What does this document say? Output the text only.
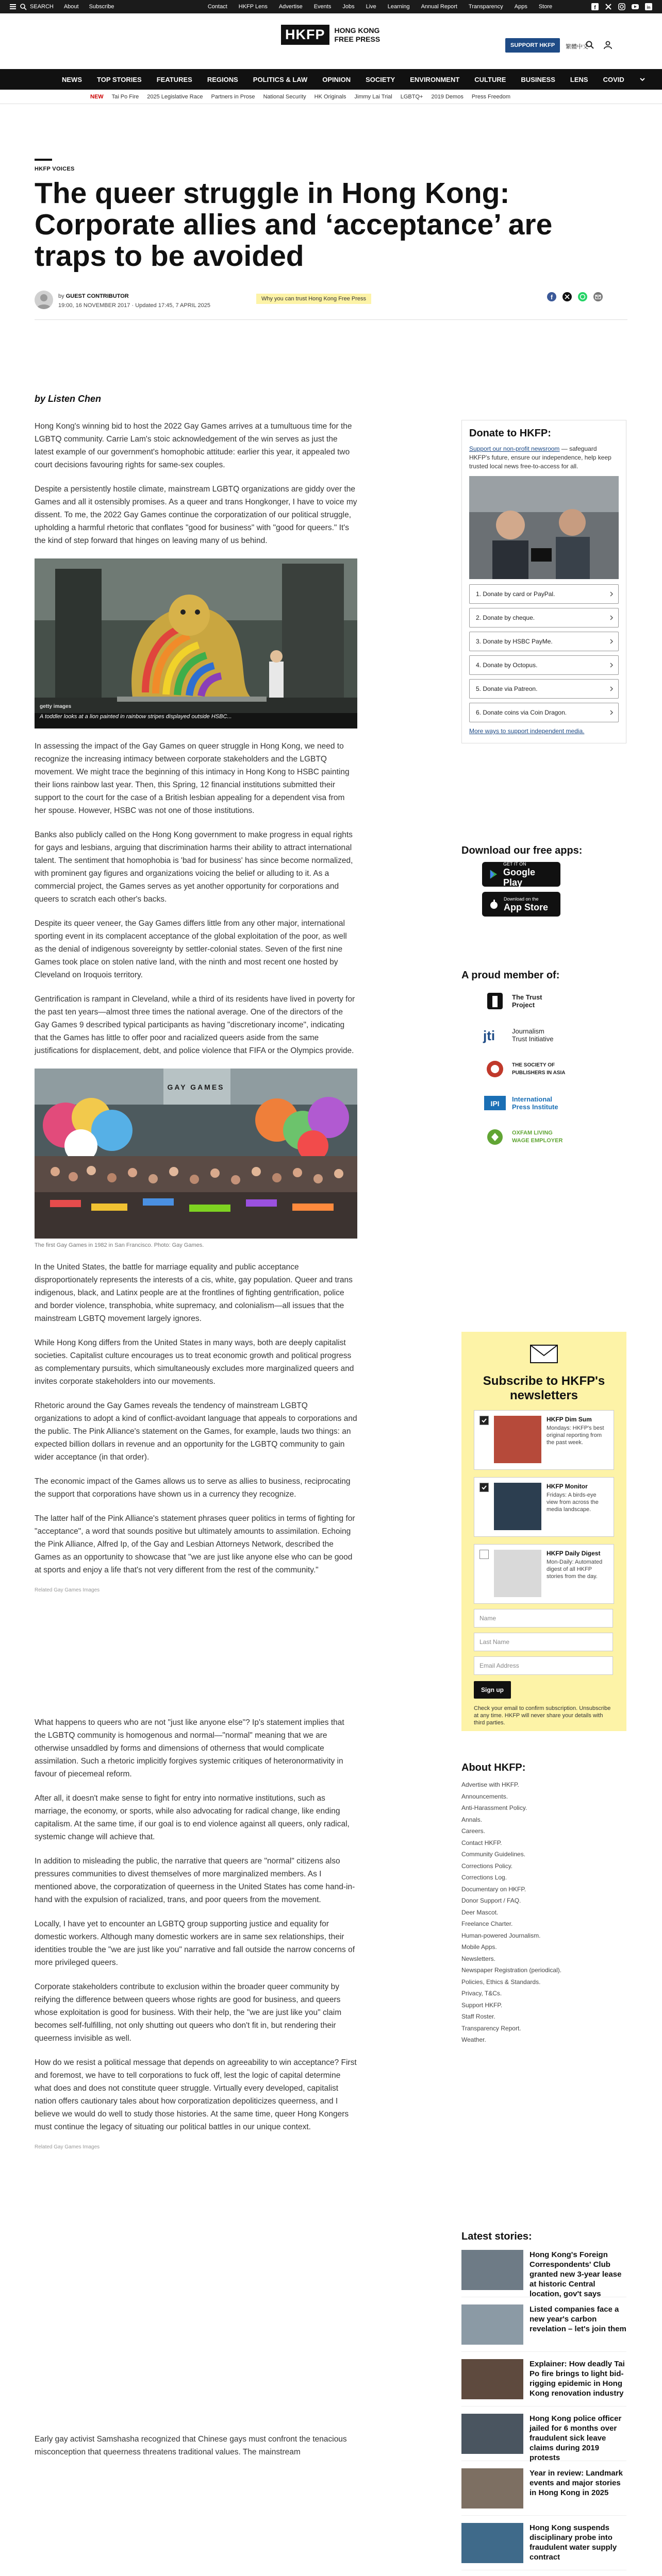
SEARCH About Subscribe	Contact HKFP Lens Advertise Events Jobs Live Learning Annual Report Transparency Apps Store	f	in
HKFP	HONG KONG
FREE PRESS
SUPPORT HKFP	繁體中文
NEWS TOP STORIES FEATURES REGIONS POLITICS & LAW OPINION SOCIETY ENVIRONMENT CULTURE BUSINESS LENS COVID
NEW Tai Po Fire 2025 Legislative Race Partners in Prose National Security HK Originals Jimmy Lai Trial LGBTQ+ 2019 Demos Press Freedom
HKFP VOICES
The queer struggle in Hong Kong: Corporate allies and ‘acceptance’ are traps to be avoided
by GUEST CONTRIBUTOR
19:00, 16 NOVEMBER 2017 · Updated 17:45, 7 APRIL 2025
Why you can trust Hong Kong Free Press	f
by Listen Chen

Hong Kong's winning bid to host the 2022 Gay Games arrives at a tumultuous time for the LGBTQ community. Carrie Lam's stoic acknowledgement of the win serves as just the latest example of our government's homophobic attitude: earlier this year, it appealed two court decisions favouring rights for same-sex couples.

Despite a persistently hostile climate, mainstream LGBTQ organizations are giddy over the Games and all it ostensibly promises. As a queer and trans Hongkonger, I have to voice my dissent. To me, the 2022 Gay Games continue the corporatization of our political struggle, upholding a harmful rhetoric that conflates "good for business" with "good for queers." It's the kind of step forward that hinges on leaving many of us behind.

A toddler looks at a lion painted in rainbow stripes displayed outside HSBC...
getty images

In assessing the impact of the Gay Games on queer struggle in Hong Kong, we need to recognize the increasing intimacy between corporate stakeholders and the LGBTQ movement. We might trace the beginning of this intimacy in Hong Kong to HSBC painting their lions rainbow last year. Then, this Spring, 12 financial institutions submitted their support to the court for the case of a British lesbian appealing for a dependent visa from her spouse. However, HSBC was not one of those institutions.

Banks also publicly called on the Hong Kong government to make progress in equal rights for gays and lesbians, arguing that discrimination harms their ability to attract international talent. The sentiment that homophobia is 'bad for business' has since become normalized, with prominent gay figures and organizations voicing the belief or alluding to it. As a commercial project, the Games serves as yet another opportunity for corporations and queers to scratch each other's backs.

Despite its queer veneer, the Gay Games differs little from any other major, international sporting event in its complacent acceptance of the global exploitation of the poor, as well as the denial of indigenous sovereignty by settler-colonial states. Seven of the first nine Games took place on stolen native land, with the ninth and most recent one hosted by Cleveland on Iroquois territory.

Gentrification is rampant in Cleveland, while a third of its residents have lived in poverty for the past ten years—almost three times the national average. One of the directors of the Gay Games 9 described typical participants as having "discretionary income", indicating that the Games has little to offer poor and racialized queers aside from the same justifications for displacement, debt, and police violence that FIFA or the Olympics provide.

GAY GAMES
The first Gay Games in 1982 in San Francisco. Photo: Gay Games.

In the United States, the battle for marriage equality and public acceptance disproportionately represents the interests of a cis, white, gay population. Queer and trans indigenous, black, and Latinx people are at the frontlines of fighting gentrification, police and border violence, transphobia, white supremacy, and colonialism—all issues that the mainstream LGBTQ movement largely ignores.

While Hong Kong differs from the United States in many ways, both are deeply capitalist societies. Capitalist culture encourages us to treat economic growth and political progress as complementary pursuits, which simultaneously excludes more marginalized queers and invites corporate stakeholders into our movements.

Rhetoric around the Gay Games reveals the tendency of mainstream LGBTQ organizations to adopt a kind of conflict-avoidant language that appeals to corporations and the public. The Pink Alliance's statement on the Games, for example, lauds two things: an expected billion dollars in revenue and an opportunity for the LGBTQ community to gain wider acceptance (in that order).

The economic impact of the Games allows us to serve as allies to business, reciprocating the support that corporations have shown us in a currency they recognize.

The latter half of the Pink Alliance's statement phrases queer politics in terms of fighting for "acceptance", a word that sounds positive but ultimately amounts to assimilation. Echoing the Pink Alliance, Alfred Ip, of the Gay and Lesbian Attorneys Network, described the Games as an opportunity to showcase that "we are just like anyone else who can be good at sports and enjoy a life that's not very different from the rest of the community."

Related Gay Games Images

What happens to queers who are not "just like anyone else"? Ip's statement implies that the LGBTQ community is homogenous and normal—"normal" meaning that we are otherwise unsaddled by forms and dimensions of otherness that would complicate assimilation. Such a rhetoric implicitly forgives systemic critiques of heteronormativity in favour of piecemeal reform.

After all, it doesn't make sense to fight for entry into normative institutions, such as marriage, the economy, or sports, while also advocating for radical change, like ending capitalism. At the same time, if our goal is to end violence against all queers, only radical, systemic change will achieve that.

In addition to misleading the public, the narrative that queers are "normal" citizens also pressures communities to divest themselves of more marginalized members. As I mentioned above, the corporatization of queerness in the United States has come hand-in-hand with the expulsion of racialized, trans, and poor queers from the movement.

Locally, I have yet to encounter an LGBTQ group supporting justice and equality for domestic workers. Although many domestic workers are in same sex relationships, their identities trouble the "we are just like you" narrative and fall outside the narrow concerns of more privileged queers.

Corporate stakeholders contribute to exclusion within the broader queer community by reifying the difference between queers whose rights are good for business, and queers whose exploitation is good for business. With their help, the "we are just like you" claim becomes self-fulfilling, not only shutting out queers who don't fit in, but rendering their queerness invisible as well.

How do we resist a political message that depends on agreeability to win acceptance? First and foremost, we have to tell corporations to fuck off, lest the logic of capital determine what does and does not constitute queer struggle. Virtually every developed, capitalist nation offers cautionary tales about how corporatization depoliticizes queerness, and I believe we would do well to study those histories. At the same time, queer Hong Kongers must continue the legacy of situating our political battles in our unique context.

Related Gay Games Images

Early gay activist Samshasha recognized that Chinese gays must confront the tenacious misconception that queerness threatens traditional values. The mainstream

Donate to HKFP:
Support our non-profit newsroom — safeguard HKFP's future, ensure our independence, help keep trusted local news free-to-access for all.
1. Donate by card or PayPal.
2. Donate by cheque.
3. Donate by HSBC PayMe.
4. Donate by Octopus.
5. Donate via Patreon.
6. Donate coins via Coin Dragon.
More ways to support independent media.
Download our free apps:
GET IT ON
Google Play
Download on the
App Store
A proud member of:
The Trust
Project
jti	Journalism
Trust Initiative
THE SOCIETY OF
PUBLISHERS IN ASIA
IPI
International
Press Institute
OXFAM LIVING
WAGE EMPLOYER
Subscribe to HKFP's newsletters
HKFP Dim Sum
Mondays: HKFP's best original reporting from the past week.
HKFP Monitor
Fridays: A birds-eye view from across the media landscape.
HKFP Daily Digest
Mon-Daily: Automated digest of all HKFP stories from the day.
Name
Last Name
Email Address
Sign up
Check your email to confirm subscription. Unsubscribe at any time. HKFP will never share your details with third parties.
About HKFP:
Advertise with HKFP.
Announcements.
Anti-Harassment Policy.
Annals.
Careers.
Contact HKFP.
Community Guidelines.
Corrections Policy.
Corrections Log.
Documentary on HKFP.
Donor Support / FAQ.
Deer Mascot.
Freelance Charter.
Human-powered Journalism.
Mobile Apps.
Newsletters.
Newspaper Registration (periodical).
Policies, Ethics & Standards.
Privacy, T&Cs.
Support HKFP.
Staff Roster.
Transparency Report.
Weather.
Latest stories:
Hong Kong's Foreign Correspondents' Club granted new 3-year lease at historic Central location, gov't says
Listed companies face a new year's carbon revelation – let's join them
Explainer: How deadly Tai Po fire brings to light bid-rigging epidemic in Hong Kong renovation industry
Hong Kong police officer jailed for 6 months over fraudulent sick leave claims during 2019 protests
Year in review: Landmark events and major stories in Hong Kong in 2025
Hong Kong suspends disciplinary probe into fraudulent water supply contract
